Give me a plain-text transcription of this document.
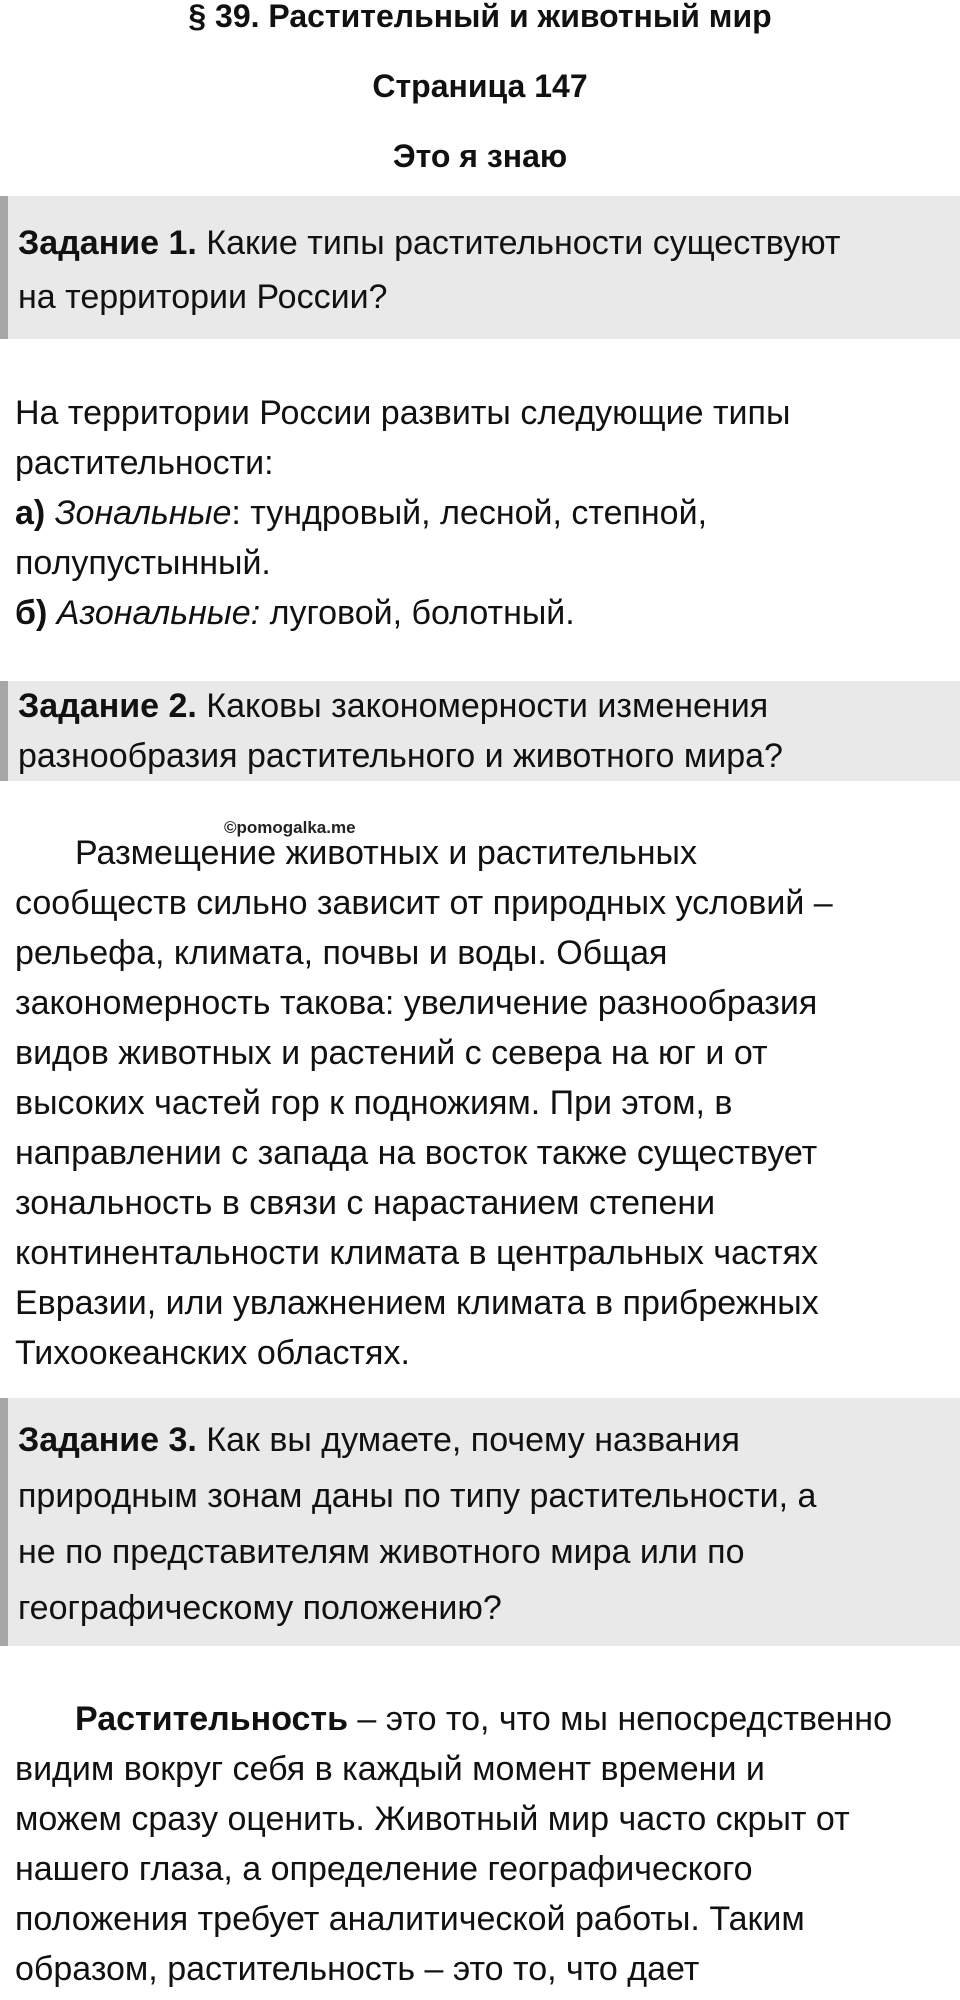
§ 39. Растительный и животный мир
Страница 147
Это я знаю
Задание 1. Какие типы растительности существуют
на территории России?
На территории России развиты следующие типы
растительности:
а) Зональные: тундровый, лесной, степной,
полупустынный.
б) Азональные: луговой, болотный.
Задание 2. Каковы закономерности изменения
разнообразия растительного и животного мира?
©pomogalka.me
Размещение животных и растительных
сообществ сильно зависит от природных условий –
рельефа, климата, почвы и воды. Общая
закономерность такова: увеличение разнообразия
видов животных и растений с севера на юг и от
высоких частей гор к подножиям. При этом, в
направлении с запада на восток также существует
зональность в связи с нарастанием степени
континентальности климата в центральных частях
Евразии, или увлажнением климата в прибрежных
Тихоокеанских областях.
Задание 3. Как вы думаете, почему названия
природным зонам даны по типу растительности, а
не по представителям животного мира или по
географическому положению?
Растительность – это то, что мы непосредственно
видим вокруг себя в каждый момент времени и
можем сразу оценить. Животный мир часто скрыт от
нашего глаза, а определение географического
положения требует аналитической работы. Таким
образом, растительность – это то, что дает
